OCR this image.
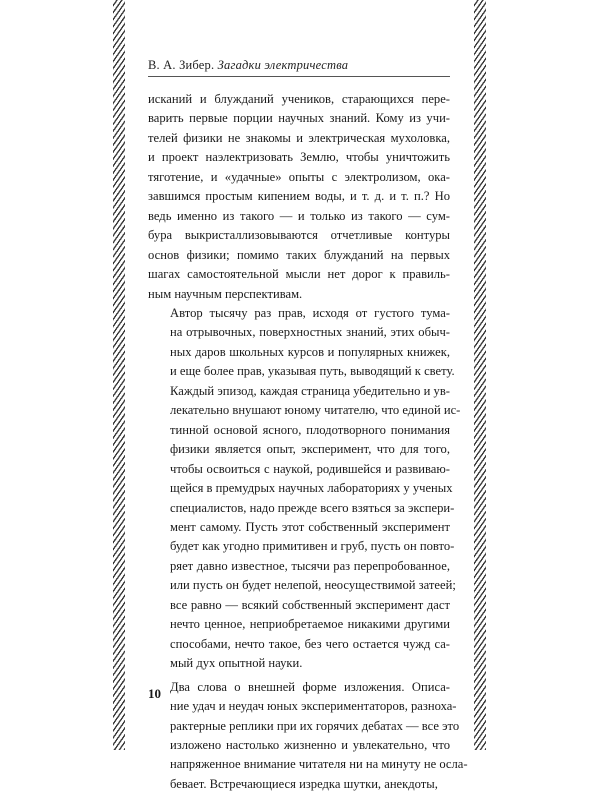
В. А. Зибер. Загадки электричества

исканий и блужданий учеников, старающихся пере-
варить первые порции научных знаний. Кому из учи-
телей физики не знакомы и электрическая мухоловка,
и проект наэлектризовать Землю, чтобы уничтожить
тяготение, и «удачные» опыты с электролизом, ока-
завшимся простым кипением воды, и т. д. и т. п.? Но
ведь именно из такого — и только из такого — сум-
бура выкристаллизовываются отчетливые контуры
основ физики; помимо таких блужданий на первых
шагах самостоятельной мысли нет дорог к правиль-
ным научным перспективам.

Автор тысячу раз прав, исходя от густого тума-
на отрывочных, поверхностных знаний, этих обыч-
ных даров школьных курсов и популярных книжек,
и еще более прав, указывая путь, выводящий к свету.
Каждый эпизод, каждая страница убедительно и ув-
лекательно внушают юному читателю, что единой ис-
тинной основой ясного, плодотворного понимания
физики является опыт, эксперимент, что для того,
чтобы освоиться с наукой, родившейся и развиваю-
щейся в премудрых научных лабораториях у ученых
специалистов, надо прежде всего взяться за экспери-
мент самому. Пусть этот собственный эксперимент
будет как угодно примитивен и груб, пусть он повто-
ряет давно известное, тысячи раз перепробованное,
или пусть он будет нелепой, неосуществимой затеей;
все равно — всякий собственный эксперимент даст
нечто ценное, неприобретаемое никакими другими
способами, нечто такое, без чего остается чужд са-
мый дух опытной науки.

Два слова о внешней форме изложения. Описа-
ние удач и неудач юных экспериментаторов, разноха-
рактерные реплики при их горячих дебатах — все это
изложено настолько жизненно и увлекательно, что
напряженное внимание читателя ни на минуту не ослa-
бевает. Встречающиеся изредка шутки, анекдоты,

10
